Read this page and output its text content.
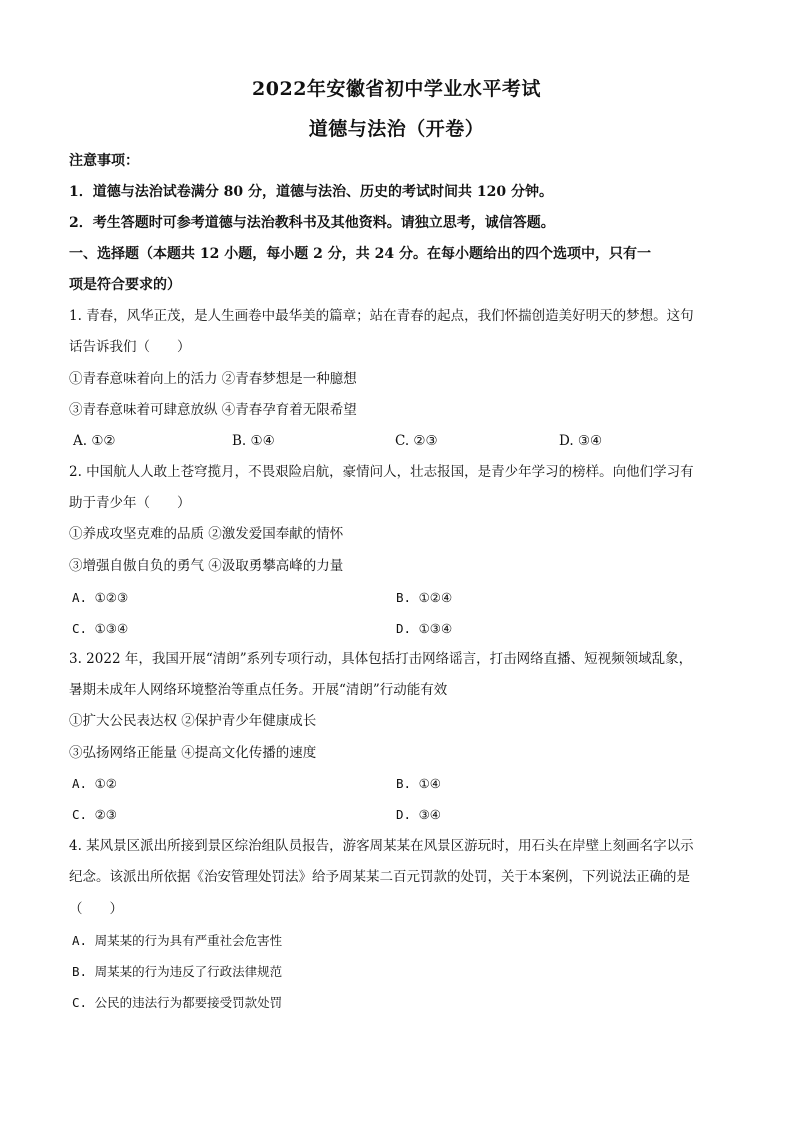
2022年安徽省初中学业水平考试
道德与法治（开卷）
注意事项：
1．道德与法治试卷满分 80 分，道德与法治、历史的考试时间共 120 分钟。
2．考生答题时可参考道德与法治教科书及其他资料。请独立思考，诚信答题。
一、选择题（本题共 12 小题，每小题 2 分，共 24 分。在每小题给出的四个选项中，只有一
项是符合要求的）
1. 青春，风华正茂，是人生画卷中最华美的篇章；站在青春的起点，我们怀揣创造美好明天的梦想。这句
话告诉我们（　　）
①青春意味着向上的活力 ②青春梦想是一种臆想
③青春意味着可肆意放纵 ④青春孕育着无限希望
A. ①②	B. ①④	C. ②③	D. ③④
2. 中国航人人敢上苍穹揽月，不畏艰险启航，豪情问人，壮志报国，是青少年学习的榜样。向他们学习有
助于青少年（　　）
①养成攻坚克难的品质 ②激发爱国奉献的情怀
③增强自傲自负的勇气 ④汲取勇攀高峰的力量
A. ①②③	B. ①②④
C. ①③④	D. ①③④
3. 2022 年，我国开展“清朗”系列专项行动，具体包括打击网络谣言，打击网络直播、短视频领域乱象，
暑期未成年人网络环境整治等重点任务。开展“清朗”行动能有效
①扩大公民表达权 ②保护青少年健康成长
③弘扬网络正能量 ④提高文化传播的速度
A. ①②	B. ①④
C. ②③	D. ③④
4. 某风景区派出所接到景区综治组队员报告，游客周某某在风景区游玩时，用石头在岸壁上刻画名字以示
纪念。该派出所依据《治安管理处罚法》给予周某某二百元罚款的处罚，关于本案例，下列说法正确的是
（　　）
A. 周某某的行为具有严重社会危害性
B. 周某某的行为违反了行政法律规范
C. 公民的违法行为都要接受罚款处罚
